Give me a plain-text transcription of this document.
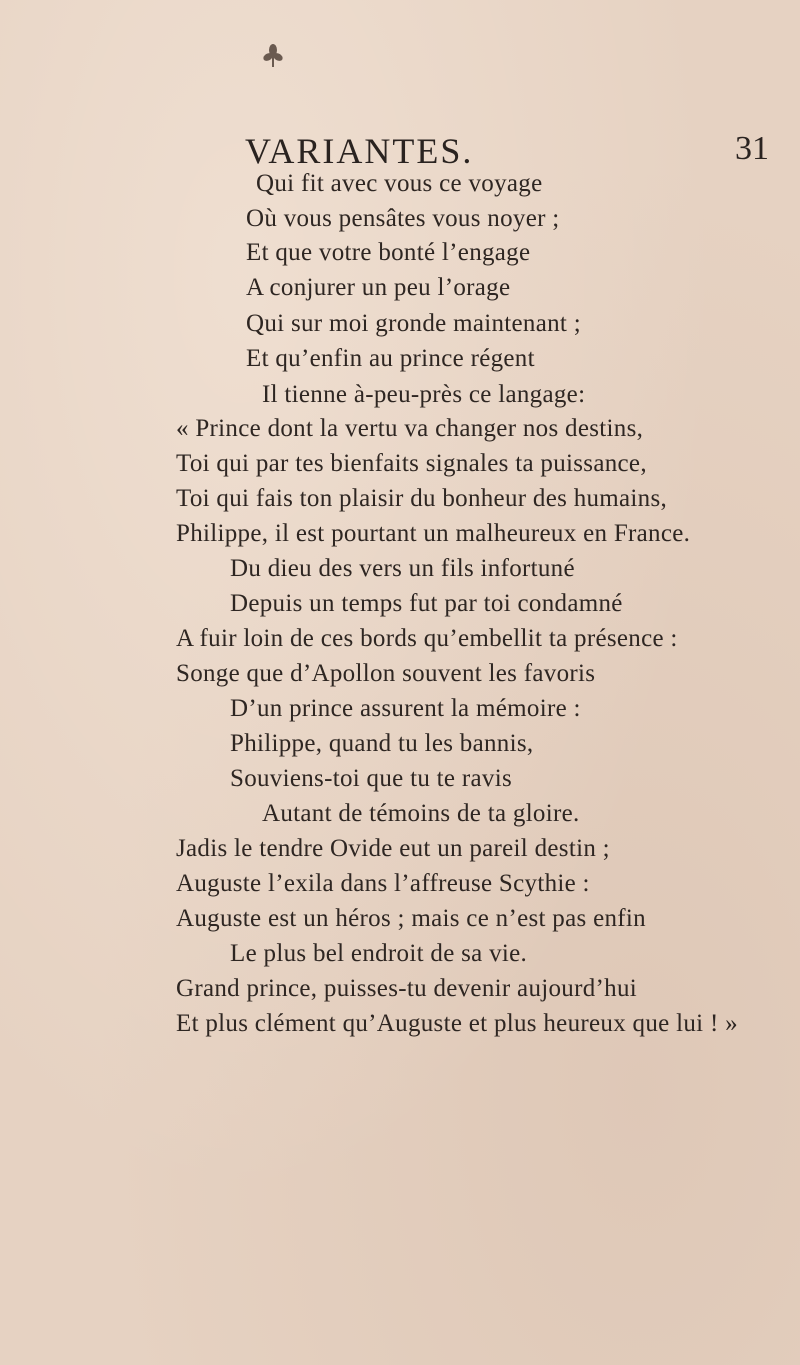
VARIANTES.	31
Qui fit avec vous ce voyage
Où vous pensâtes vous noyer ;
Et que votre bonté l’engage
A conjurer un peu l’orage
Qui sur moi gronde maintenant ;
Et qu’enfin au prince régent
Il tienne à-peu-près ce langage:
« Prince dont la vertu va changer nos destins,
Toi qui par tes bienfaits signales ta puissance,
Toi qui fais ton plaisir du bonheur des humains,
Philippe, il est pourtant un malheureux en France.
Du dieu des vers un fils infortuné
Depuis un temps fut par toi condamné
A fuir loin de ces bords qu’embellit ta présence :
Songe que d’Apollon souvent les favoris
D’un prince assurent la mémoire :
Philippe, quand tu les bannis,
Souviens-toi que tu te ravis
Autant de témoins de ta gloire.
Jadis le tendre Ovide eut un pareil destin ;
Auguste l’exila dans l’affreuse Scythie :
Auguste est un héros ; mais ce n’est pas enfin
Le plus bel endroit de sa vie.
Grand prince, puisses-tu devenir aujourd’hui
Et plus clément qu’Auguste et plus heureux que lui ! »
